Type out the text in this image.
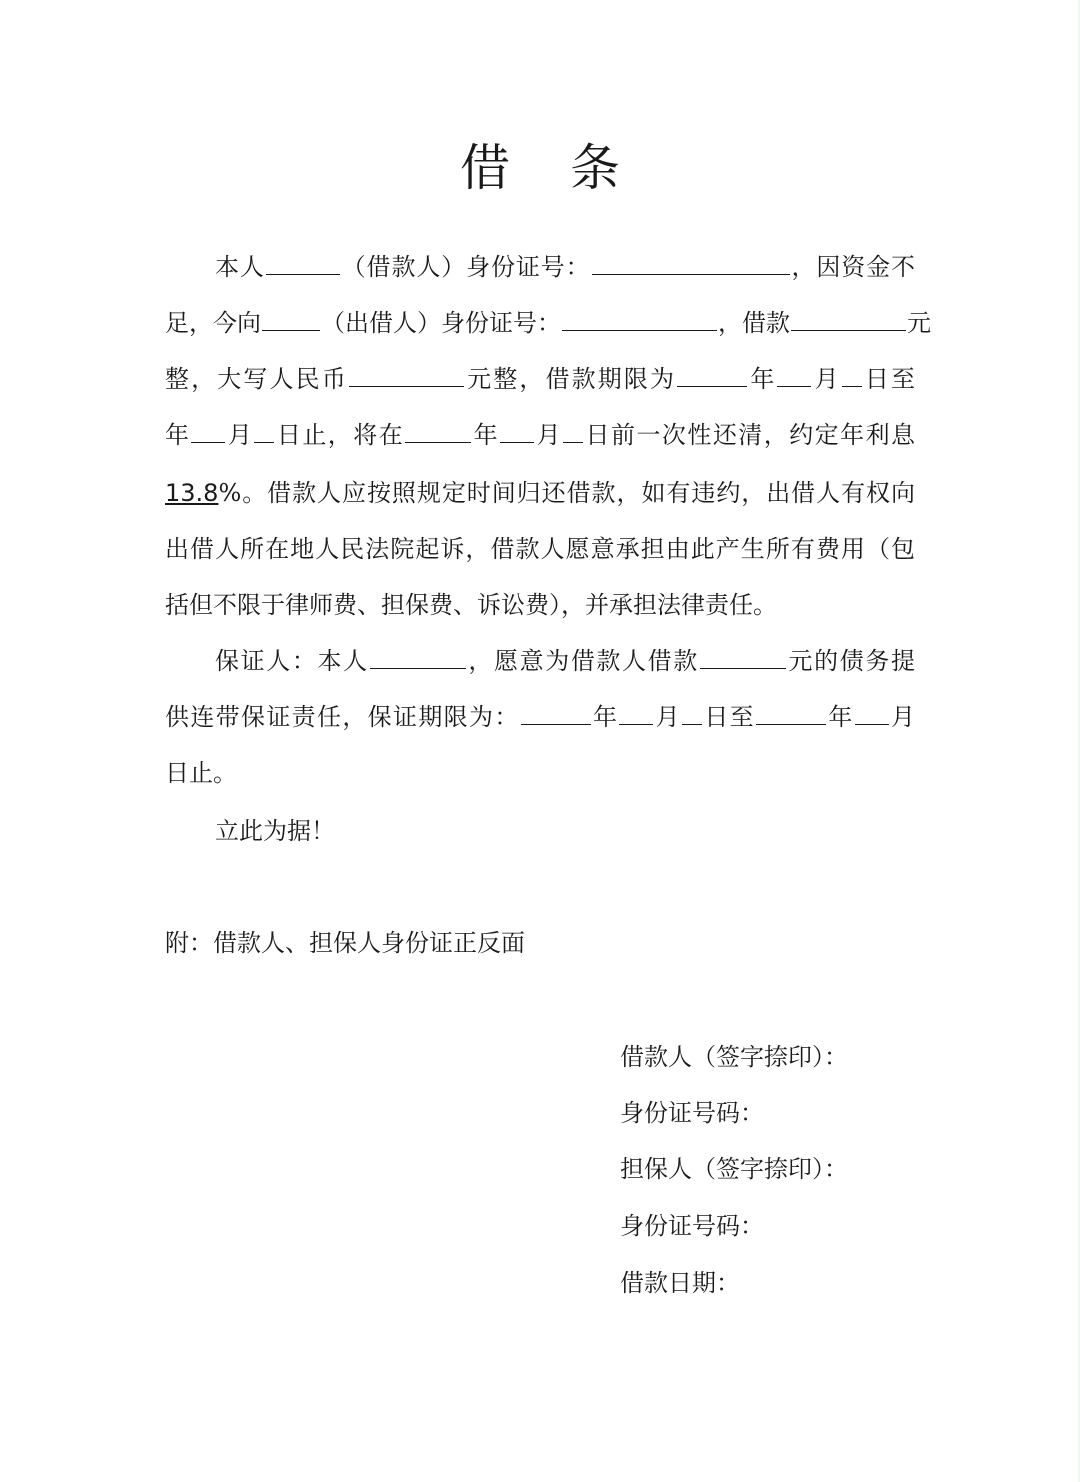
借 条
本人	（借款人）身份证号：	，因资金不
足，今向	（出借人）身份证号：	，借款	元
整，大写人民币	元整，借款期限为	年 月 日至
年 月 日止，将在	年 月 日前一次性还清，约定年利息
13.8%。借款人应按照规定时间归还借款，如有违约，出借人有权向
出借人所在地人民法院起诉，借款人愿意承担由此产生所有费用（包
括但不限于律师费、担保费、诉讼费），并承担法律责任。
保证人：本人	，愿意为借款人借款	元的债务提
供连带保证责任，保证期限为：	年 月 日至	年 月
日止。
立此为据！
附：借款人、担保人身份证正反面
借款人（签字捺印）：
身份证号码：
担保人（签字捺印）：
身份证号码：
借款日期：
